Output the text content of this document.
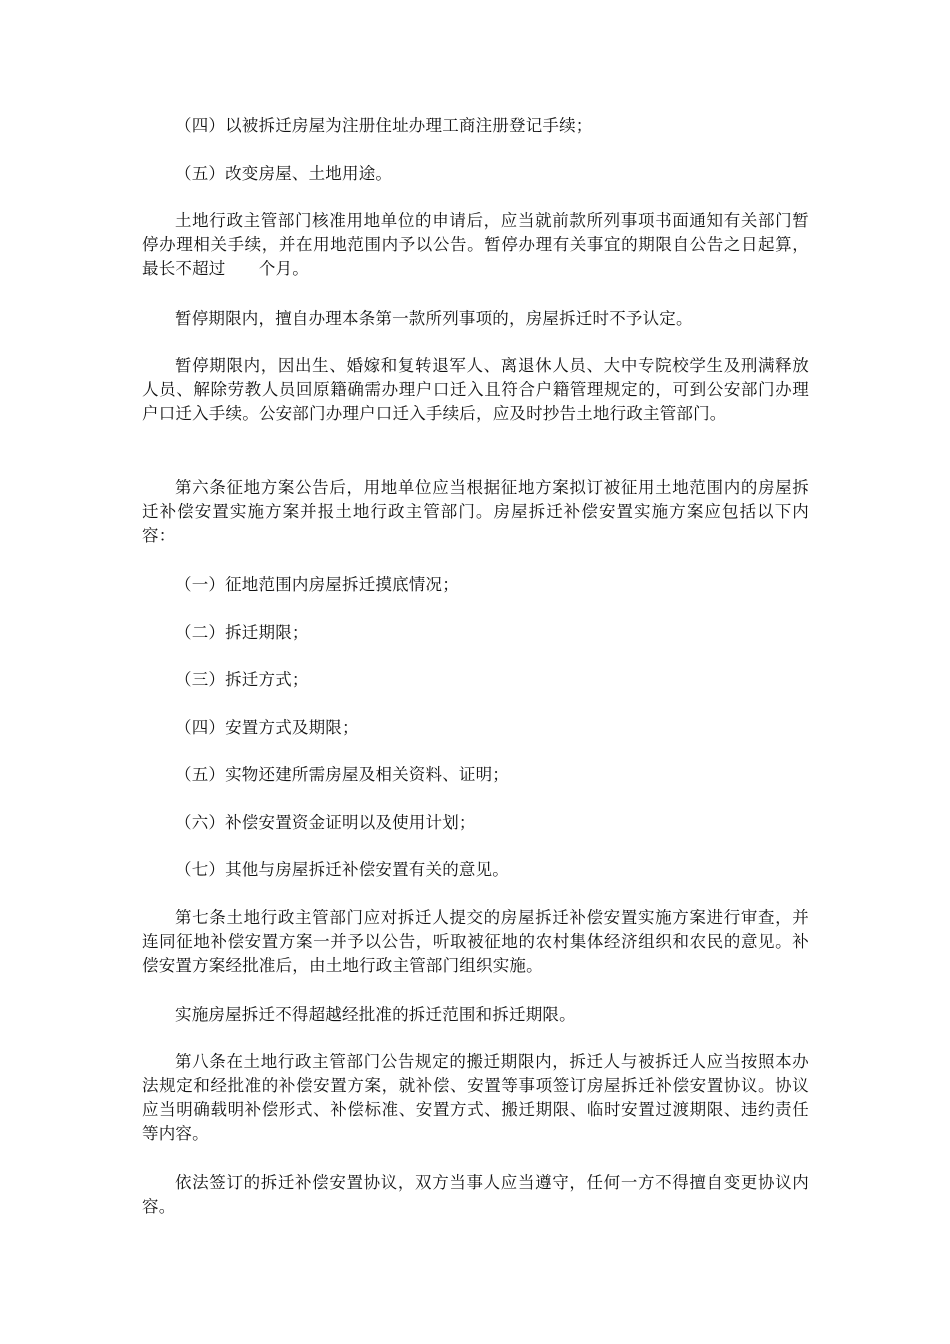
（四）以被拆迁房屋为注册住址办理工商注册登记手续；

（五）改变房屋、土地用途。

土地行政主管部门核准用地单位的申请后，应当就前款所列事项书面通知有关部门暂停办理相关手续，并在用地范围内予以公告。暂停办理有关事宜的期限自公告之日起算，最长不超过　　个月。

暂停期限内，擅自办理本条第一款所列事项的，房屋拆迁时不予认定。

暂停期限内，因出生、婚嫁和复转退军人、离退休人员、大中专院校学生及刑满释放人员、解除劳教人员回原籍确需办理户口迁入且符合户籍管理规定的，可到公安部门办理户口迁入手续。公安部门办理户口迁入手续后，应及时抄告土地行政主管部门。

第六条征地方案公告后，用地单位应当根据征地方案拟订被征用土地范围内的房屋拆迁补偿安置实施方案并报土地行政主管部门。房屋拆迁补偿安置实施方案应包括以下内容：

（一）征地范围内房屋拆迁摸底情况；

（二）拆迁期限；

（三）拆迁方式；

（四）安置方式及期限；

（五）实物还建所需房屋及相关资料、证明；

（六）补偿安置资金证明以及使用计划；

（七）其他与房屋拆迁补偿安置有关的意见。

第七条土地行政主管部门应对拆迁人提交的房屋拆迁补偿安置实施方案进行审查，并连同征地补偿安置方案一并予以公告，听取被征地的农村集体经济组织和农民的意见。补偿安置方案经批准后，由土地行政主管部门组织实施。

实施房屋拆迁不得超越经批准的拆迁范围和拆迁期限。

第八条在土地行政主管部门公告规定的搬迁期限内，拆迁人与被拆迁人应当按照本办法规定和经批准的补偿安置方案，就补偿、安置等事项签订房屋拆迁补偿安置协议。协议应当明确载明补偿形式、补偿标准、安置方式、搬迁期限、临时安置过渡期限、违约责任等内容。

依法签订的拆迁补偿安置协议，双方当事人应当遵守，任何一方不得擅自变更协议内容。
